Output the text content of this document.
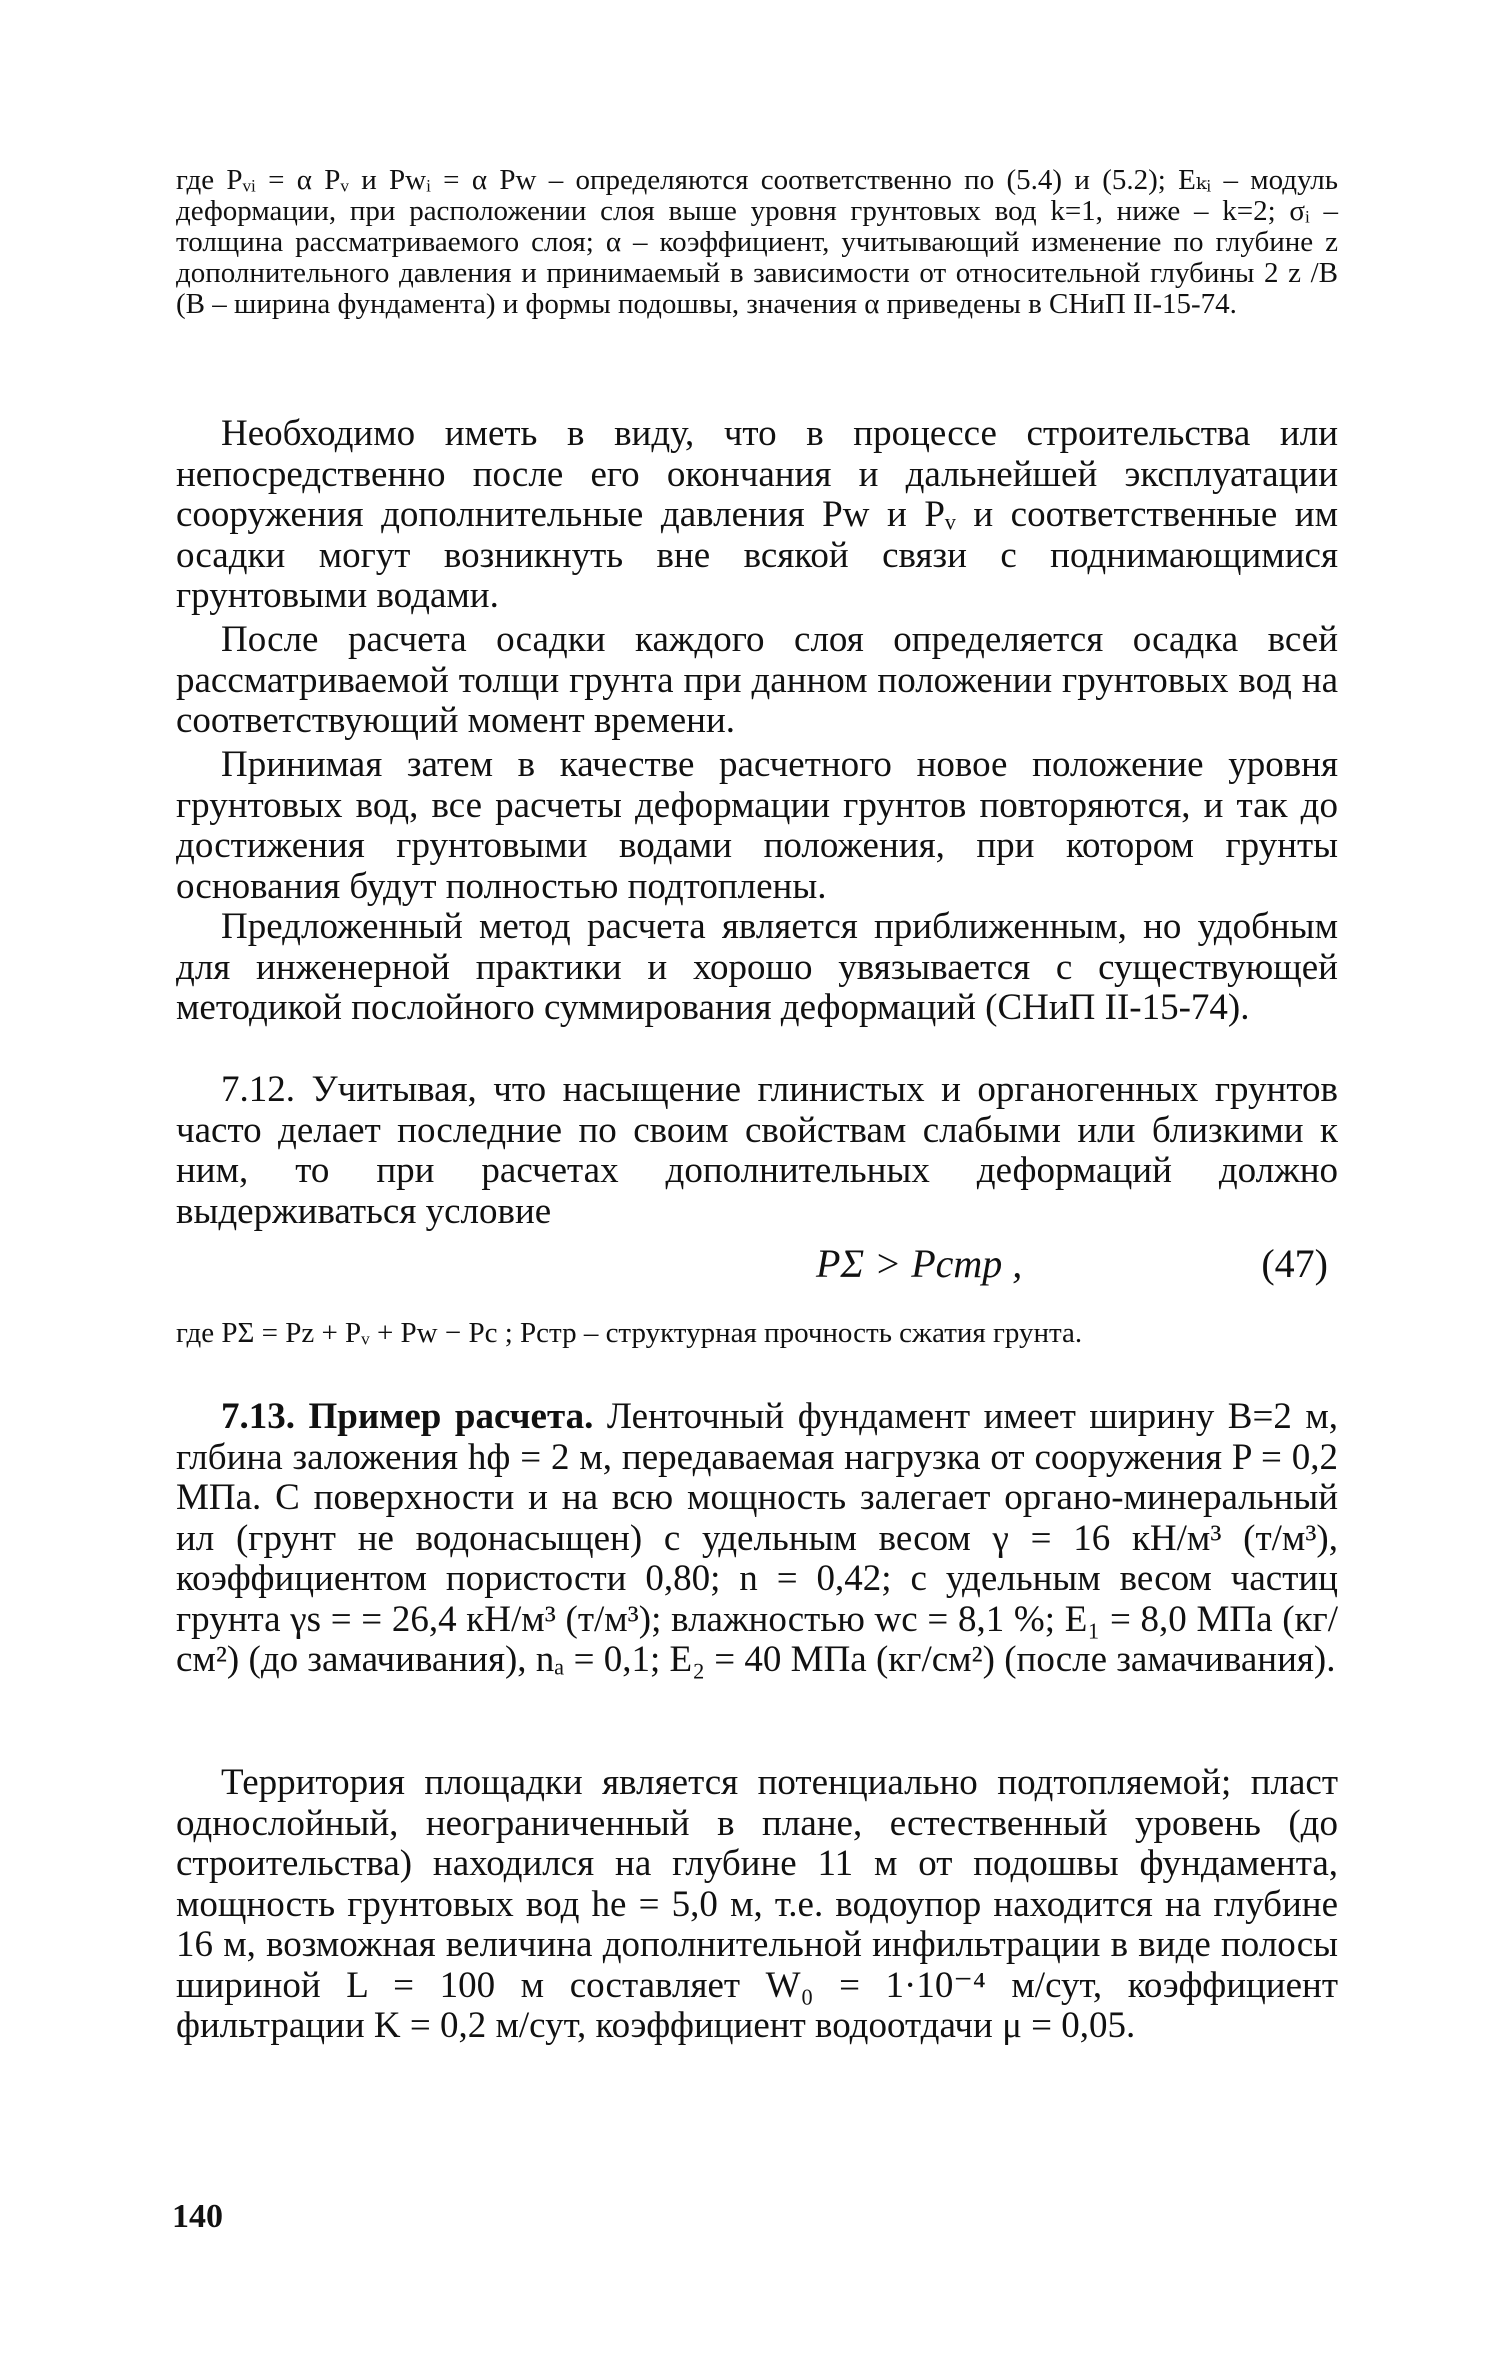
где Pᵥᵢ = α Pᵥ и Pwᵢ = α Pw – определяются соответственно по (5.4) и (5.2); Eₖᵢ – модуль деформации, при расположении слоя выше уровня грунтовых вод k=1, ниже – k=2; σᵢ – толщина рассматриваемого слоя; α – коэффициент, учитывающий изменение по глубине z дополнительного давления и принимаемый в зависимости от относительной глубины 2 z /B (B – ширина фундамента) и формы подошвы, значения α приведены в СНиП II-15-74.

Необходимо иметь в виду, что в процессе строительства или непосредственно после его окончания и дальнейшей эксплуатации сооружения дополнительные давления Pw и Pᵥ и соответственные им осадки могут возникнуть вне всякой связи с поднимающимися грунтовыми водами.

После расчета осадки каждого слоя определяется осадка всей рассматриваемой толщи грунта при данном положении грунтовых вод на соответствующий момент времени.

Принимая затем в качестве расчетного новое положение уровня грунтовых вод, все расчеты деформации грунтов повторяются, и так до достижения грунтовыми водами положения, при котором грунты основания будут полностью подтоплены.

Предложенный метод расчета является приближенным, но удобным для инженерной практики и хорошо увязывается с существующей методикой послойного суммирования деформаций (СНиП II-15-74).

7.12. Учитывая, что насыщение глинистых и органогенных грунтов часто делает последние по своим свойствам слабыми или близкими к ним, то при расчетах дополнительных деформаций должно выдерживаться условие

PΣ > Pстр ,	(47)

где PΣ = Pz + Pᵥ + Pw − Pc ; Pстр – структурная прочность сжатия грунта.

7.13. Пример расчета. Ленточный фундамент имеет ширину B=2 м, глбина заложения hф = 2 м, передаваемая нагрузка от сооружения P = 0,2 МПа. С поверхности и на всю мощность залегает органо-минеральный ил (грунт не водонасыщен) с удельным весом γ = 16 кН/м³ (т/м³), коэффициентом пористости 0,80; n = 0,42; с удельным весом частиц грунта γs = = 26,4 кН/м³ (т/м³); влажностью wc = 8,1 %; E₁ = 8,0 МПа (кг/см²) (до замачивания), nₐ = 0,1; E₂ = 40 МПа (кг/см²) (после замачивания).

Территория площадки является потенциально подтопляемой; пласт однослойный, неограниченный в плане, естественный уровень (до строительства) находился на глубине 11 м от подошвы фундамента, мощность грунтовых вод he = 5,0 м, т.е. водоупор находится на глубине 16 м, возможная величина дополнительной инфильтрации в виде полосы шириной L = 100 м составляет W₀ = 1·10⁻⁴ м/сут, коэффициент фильтрации K = 0,2 м/сут, коэффициент водоотдачи μ = 0,05.

140
